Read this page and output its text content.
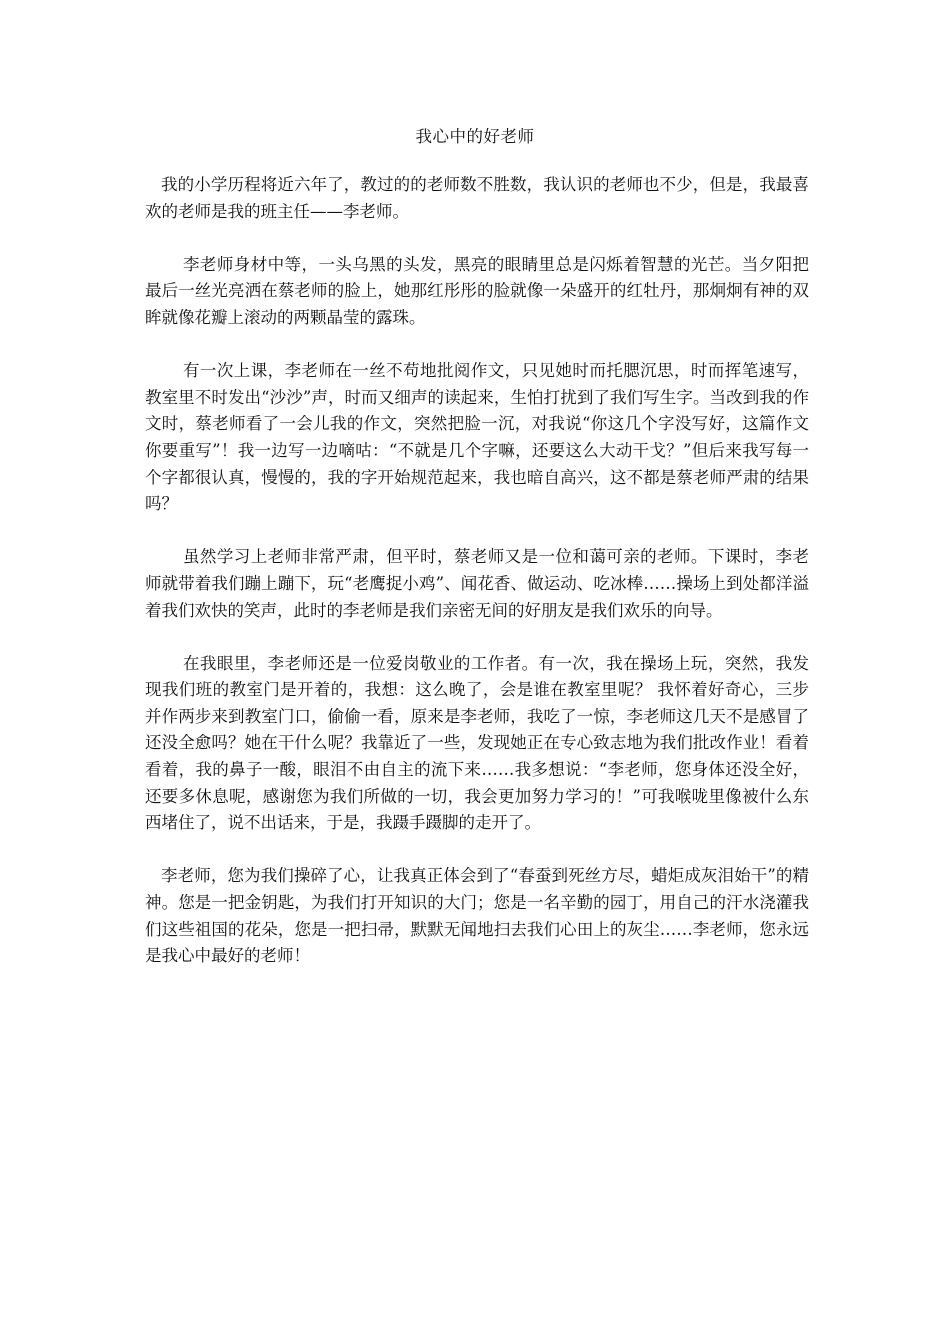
我心中的好老师

我的小学历程将近六年了，教过的的老师数不胜数，我认识的老师也不少，但是，我最喜欢的老师是我的班主任——李老师。

李老师身材中等，一头乌黑的头发，黑亮的眼睛里总是闪烁着智慧的光芒。当夕阳把最后一丝光亮洒在蔡老师的脸上，她那红彤彤的脸就像一朵盛开的红牡丹，那炯炯有神的双眸就像花瓣上滚动的两颗晶莹的露珠。

有一次上课，李老师在一丝不苟地批阅作文，只见她时而托腮沉思，时而挥笔速写，教室里不时发出“沙沙”声，时而又细声的读起来，生怕打扰到了我们写生字。当改到我的作文时，蔡老师看了一会儿我的作文，突然把脸一沉，对我说“你这几个字没写好，这篇作文你要重写”！我一边写一边嘀咕：“不就是几个字嘛，还要这么大动干戈？”但后来我写每一个字都很认真，慢慢的，我的字开始规范起来，我也暗自高兴，这不都是蔡老师严肃的结果吗？

虽然学习上老师非常严肃，但平时，蔡老师又是一位和蔼可亲的老师。下课时，李老师就带着我们蹦上蹦下，玩“老鹰捉小鸡”、闻花香、做运动、吃冰棒……操场上到处都洋溢着我们欢快的笑声，此时的李老师是我们亲密无间的好朋友是我们欢乐的向导。

在我眼里，李老师还是一位爱岗敬业的工作者。有一次，我在操场上玩，突然，我发现我们班的教室门是开着的，我想：这么晚了，会是谁在教室里呢？ 我怀着好奇心，三步并作两步来到教室门口，偷偷一看，原来是李老师，我吃了一惊，李老师这几天不是感冒了还没全愈吗？她在干什么呢？我靠近了一些，发现她正在专心致志地为我们批改作业！看着看着，我的鼻子一酸，眼泪不由自主的流下来……我多想说：“李老师，您身体还没全好，还要多休息呢，感谢您为我们所做的一切，我会更加努力学习的！”可我喉咙里像被什么东西堵住了，说不出话来，于是，我蹑手蹑脚的走开了。

李老师，您为我们操碎了心，让我真正体会到了“春蚕到死丝方尽，蜡炬成灰泪始干”的精神。您是一把金钥匙，为我们打开知识的大门；您是一名辛勤的园丁，用自己的汗水浇灌我们这些祖国的花朵，您是一把扫帚，默默无闻地扫去我们心田上的灰尘……李老师，您永远是我心中最好的老师！
